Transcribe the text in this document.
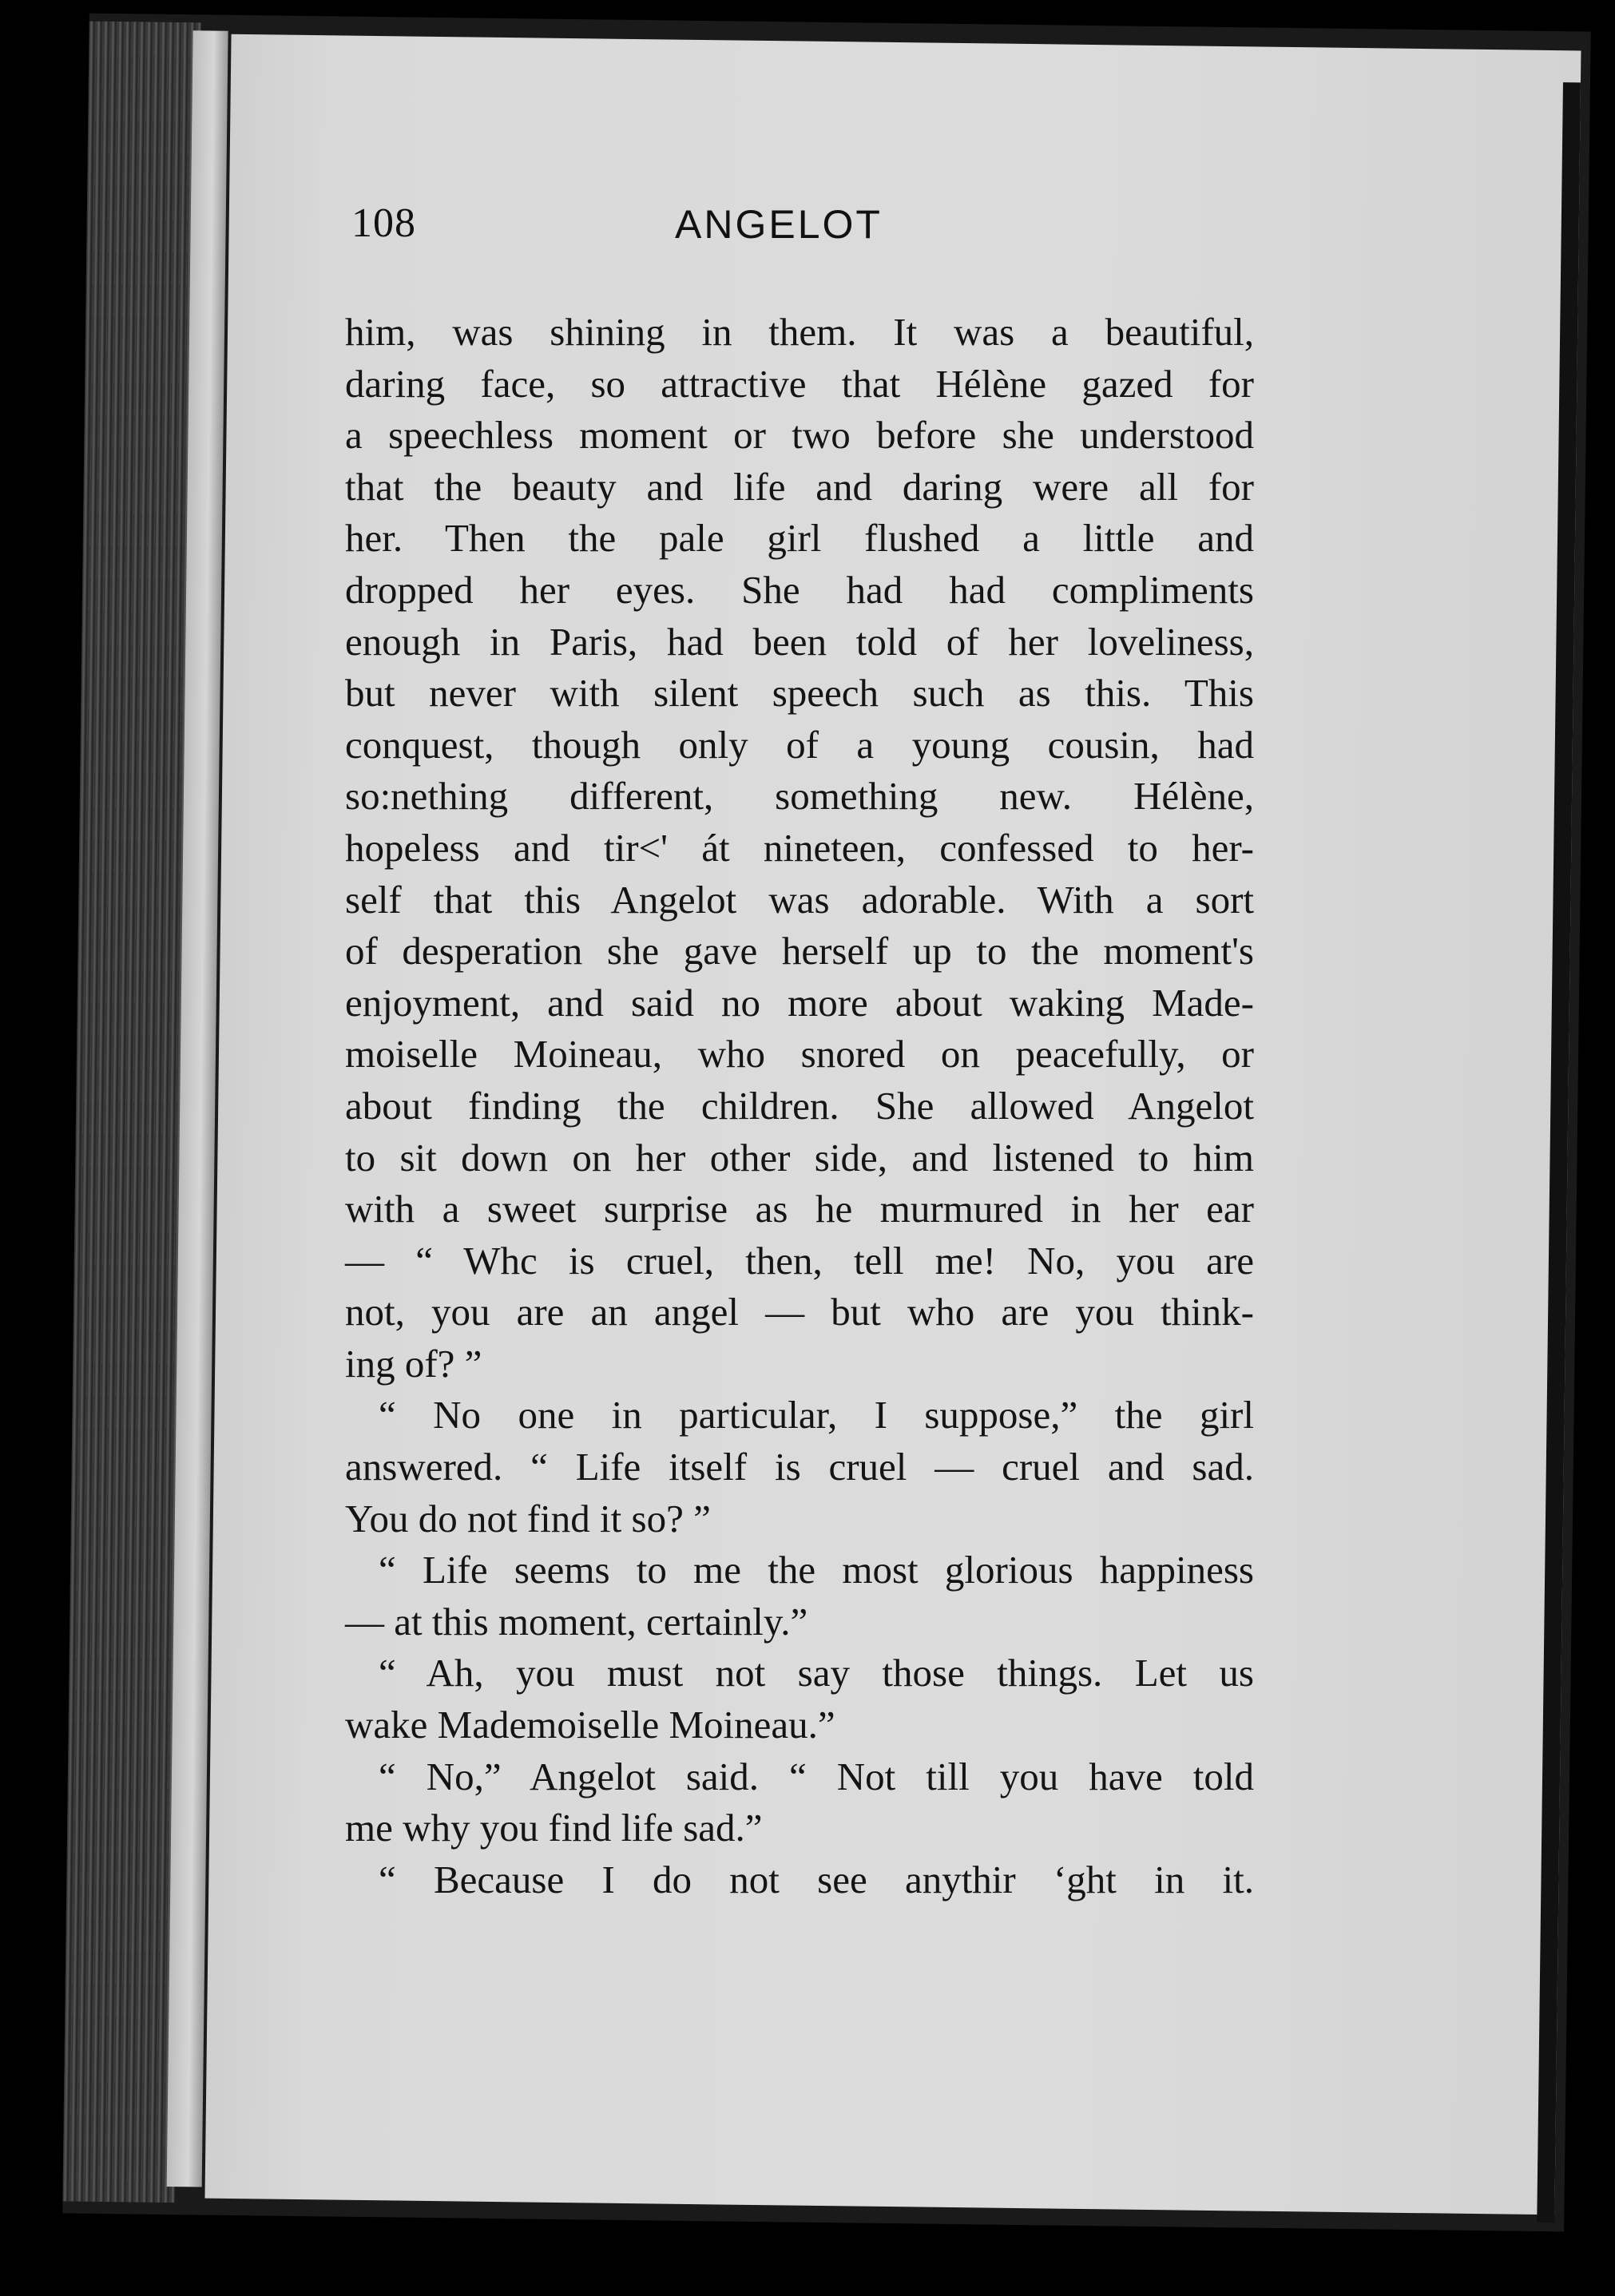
108	ANGELOT
him, was shining in them. It was a beautiful,
daring face, so attractive that Hélène gazed for
a speechless moment or two before she understood
that the beauty and life and daring were all for
her. Then the pale girl flushed a little and
dropped her eyes. She had had compliments
enough in Paris, had been told of her loveliness,
but never with silent speech such as this. This
conquest, though only of a young cousin, had
so:nething different, something new. Hélène,
hopeless and tir<' át nineteen, confessed to her-
self that this Angelot was adorable. With a sort
of desperation she gave herself up to the moment's
enjoyment, and said no more about waking Made-
moiselle Moineau, who snored on peacefully, or
about finding the children. She allowed Angelot
to sit down on her other side, and listened to him
with a sweet surprise as he murmured in her ear
— “ Whc is cruel, then, tell me! No, you are
not, you are an angel — but who are you think-
ing of? ”
“ No one in particular, I suppose,” the girl
answered. “ Life itself is cruel — cruel and sad.
You do not find it so? ”
“ Life seems to me the most glorious happiness
— at this moment, certainly.”
“ Ah, you must not say those things. Let us
wake Mademoiselle Moineau.”
“ No,” Angelot said. “ Not till you have told
me why you find life sad.”
“ Because I do not see anythir ‘ght in it.
